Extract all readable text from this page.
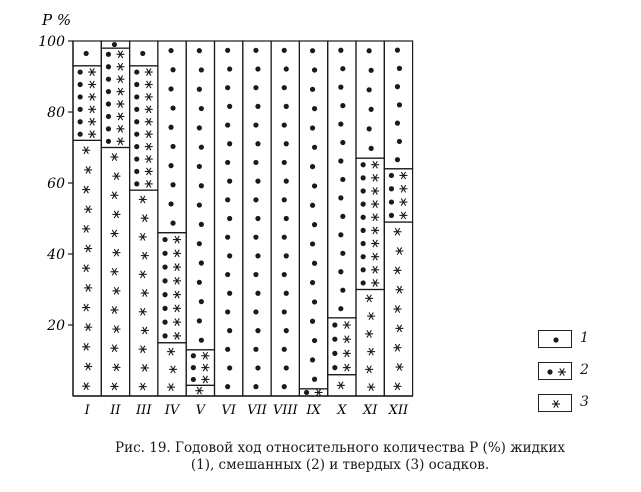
20
40
60
80
100
I II III IV V VI VII VIII IX X XI XII
P %
1
2
3
Рис. 19. Годовой ход относительного количества P (%) жидких
(1), смешанных (2) и твердых (3) осадков.
